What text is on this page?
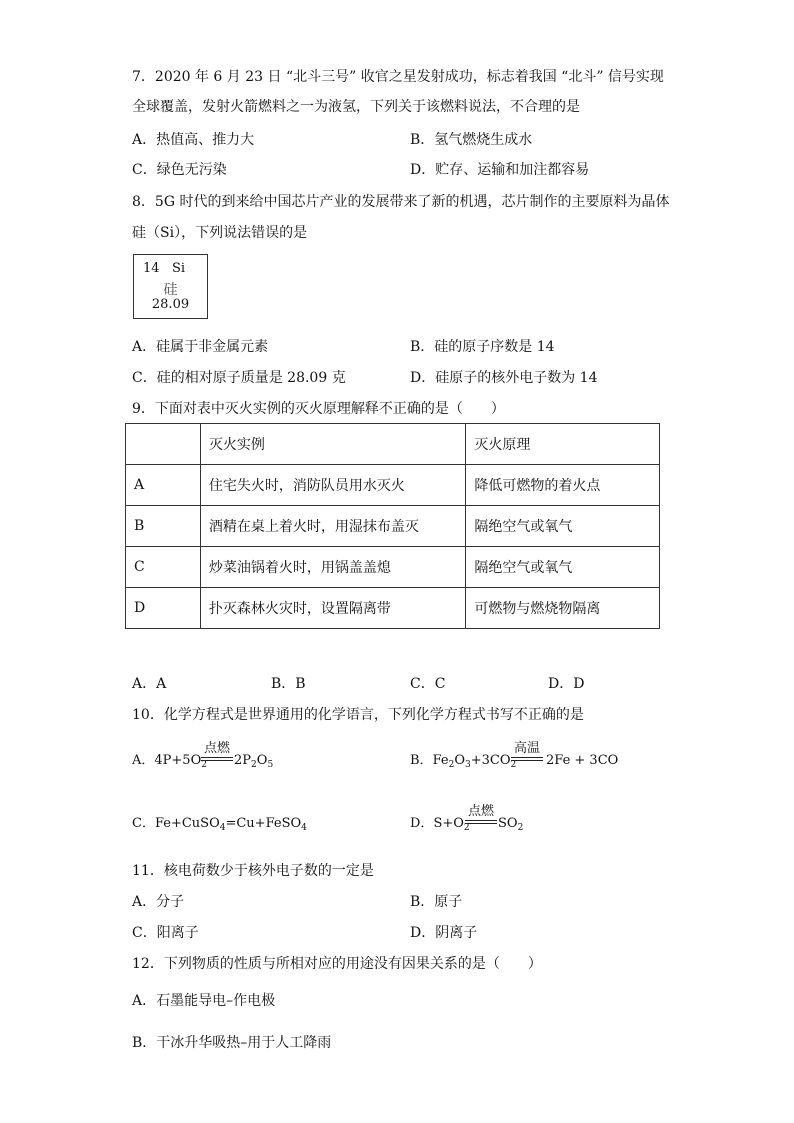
7．2020 年 6 月 23 日 “北斗三号” 收官之星发射成功，标志着我国 “北斗” 信号实现
全球覆盖，发射火箭燃料之一为液氢，下列关于该燃料说法，不合理的是
A．热值高、推力大	B．氢气燃烧生成水
C．绿色无污染	D．贮存、运输和加注都容易
8．5G 时代的到来给中国芯片产业的发展带来了新的机遇，芯片制作的主要原料为晶体
硅（Si），下列说法错误的是
14 Si
硅
28.09
A．硅属于非金属元素	B．硅的原子序数是 14
C．硅的相对原子质量是 28.09 克	D．硅原子的核外电子数为 14
9．下面对表中灭火实例的灭火原理解释不正确的是（　　）
	灭火实例	灭火原理
A	住宅失火时，消防队员用水灭火	降低可燃物的着火点
B	酒精在桌上着火时，用湿抹布盖灭	隔绝空气或氧气
C	炒菜油锅着火时，用锅盖盖熄	隔绝空气或氧气
D	扑灭森林火灾时，设置隔离带	可燃物与燃烧物隔离
A．A	B．B	C．C	D．D
10．化学方程式是世界通用的化学语言，下列化学方程式书写不正确的是
A．$4P+5O_2$
点燃
$2P_2O_5$	B．$Fe_2O_3+3CO_2$
高温
2Fe + 3CO
C．Fe+CuSO$_4$=Cu+FeSO$_4$	D．$S+O_2$
点燃
$SO_2$
11．核电荷数少于核外电子数的一定是
A．分子	B．原子
C．阳离子	D．阴离子
12．下列物质的性质与所相对应的用途没有因果关系的是（　　）
A．石墨能导电–作电极
B．干冰升华吸热–用于人工降雨
